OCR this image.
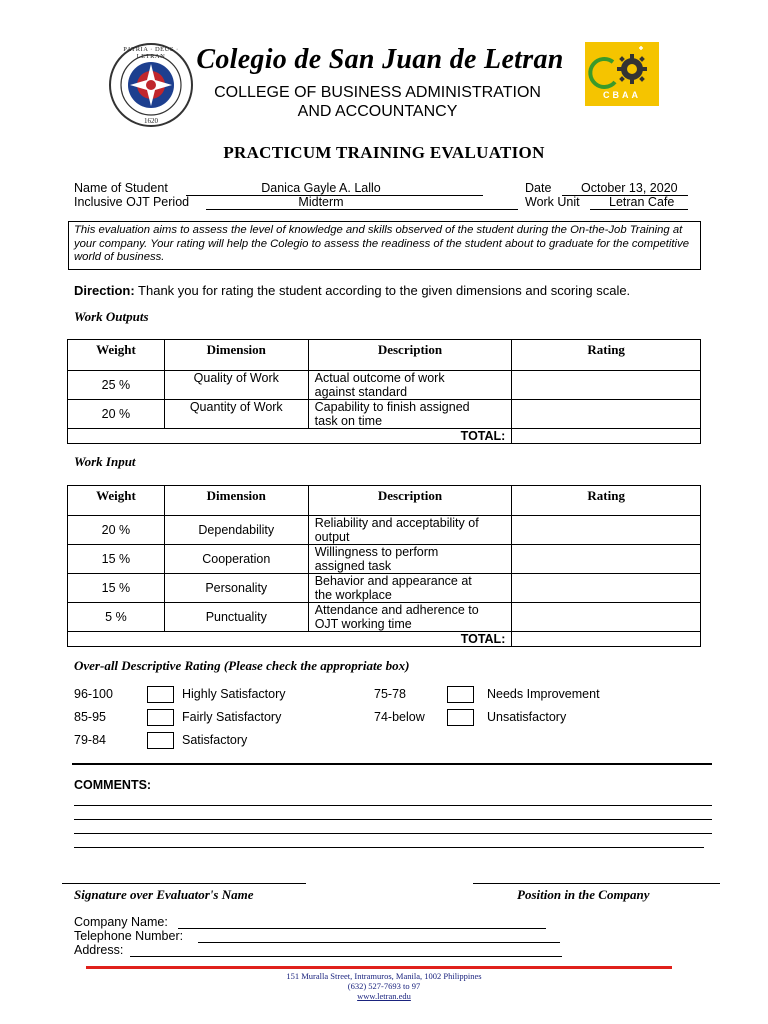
PATRIA · DEUS · LETRAN
1620
Colegio de San Juan de Letran
COLLEGE OF BUSINESS ADMINISTRATION
AND ACCOUNTANCY
CBAA
PRACTICUM TRAINING EVALUATION
Name of Student	Danica Gayle A. Lallo	Date October 13, 2020
Inclusive OJT Period	Midterm	Work Unit Letran Cafe
This evaluation aims to assess the level of knowledge and skills observed of the student during the On-the-Job Training at your company. Your rating will help the Colegio to assess the readiness of the student about to graduate for the competitive world of business.
Direction: Thank you for rating the student according to the given dimensions and scoring scale.
Work Outputs
Weight	Dimension	Description	Rating
25 %	Quality of Work	Actual outcome of work
against standard	
20 %	Quantity of Work	Capability to finish assigned
task on time	
TOTAL:			
Work Input
Weight	Dimension	Description	Rating
20 %	Dependability	Reliability and acceptability of
output	
15 %	Cooperation	Willingness to perform
assigned task	
15 %	Personality	Behavior and appearance at
the workplace	
5 %	Punctuality	Attendance and adherence to
OJT working time	
TOTAL:			
Over-all Descriptive Rating (Please check the appropriate box)
96-100	Highly Satisfactory
85-95	Fairly Satisfactory
79-84	Satisfactory
75-78	Needs Improvement
74-below	Unsatisfactory
COMMENTS:
Signature over Evaluator's Name	Position in the Company
Company Name:
Telephone Number:
Address:
151 Muralla Street, Intramuros, Manila, 1002 Philippines
(632) 527-7693 to 97
www.letran.edu
